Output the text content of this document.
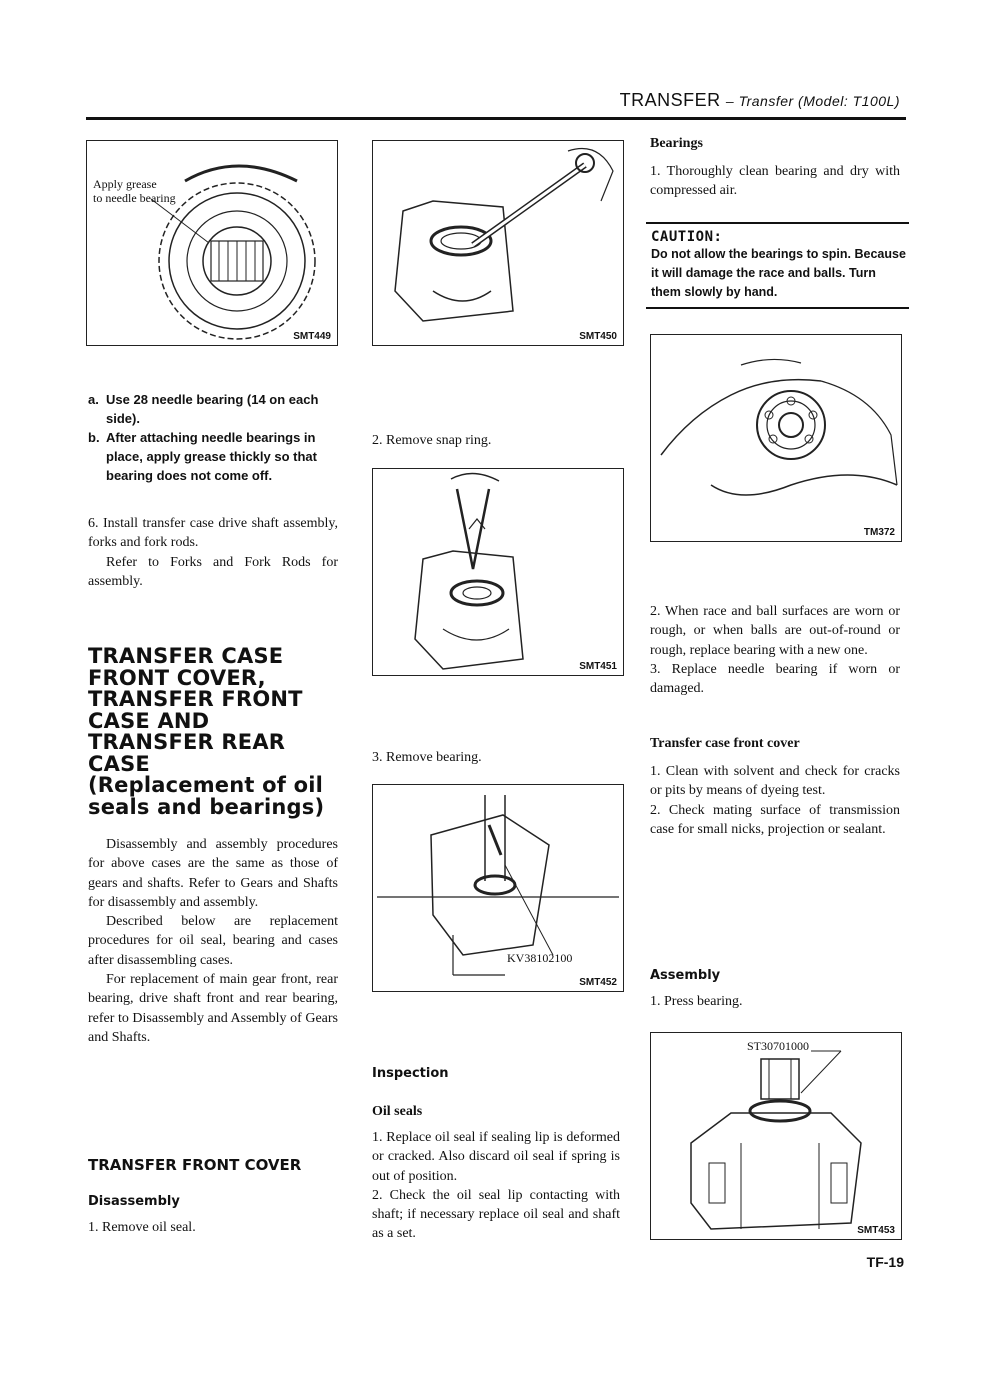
TRANSFER – Transfer (Model: T100L)
Apply grease
to needle bearing
SMT449
a. Use 28 needle bearing (14 on each side).
b. After attaching needle bearings in place, apply grease thickly so that bearing does not come off.

6. Install transfer case drive shaft assembly, forks and fork rods.

Refer to Forks and Fork Rods for assembly.

TRANSFER CASE

FRONT COVER,

TRANSFER FRONT

CASE AND

TRANSFER REAR

CASE

(Replacement of oil

seals and bearings)

Disassembly and assembly procedures for above cases are the same as those of gears and shafts. Refer to Gears and Shafts for disassembly and assembly.

Described below are replacement procedures for oil seal, bearing and cases after disassembling cases.

For replacement of main gear front, rear bearing, drive shaft front and rear bearing, refer to Disassembly and Assembly of Gears and Shafts.

TRANSFER FRONT COVER

Disassembly

1. Remove oil seal.

SMT450

2. Remove snap ring.

SMT451

3. Remove bearing.

KV38102100
SMT452

Inspection

Oil seals

1. Replace oil seal if sealing lip is deformed or cracked. Also discard oil seal if spring is out of position.

2. Check the oil seal lip contacting with shaft; if necessary replace oil seal and shaft as a set.

Bearings

1. Thoroughly clean bearing and dry with compressed air.

CAUTION:
Do not allow the bearings to spin. Because it will damage the race and balls. Turn them slowly by hand.
TM372

2. When race and ball surfaces are worn or rough, or when balls are out-of-round or rough, replace bearing with a new one.

3. Replace needle bearing if worn or damaged.

Transfer case front cover

1. Clean with solvent and check for cracks or pits by means of dyeing test.

2. Check mating surface of transmission case for small nicks, projection or sealant.

Assembly

1. Press bearing.

ST30701000
SMT453
TF-19
